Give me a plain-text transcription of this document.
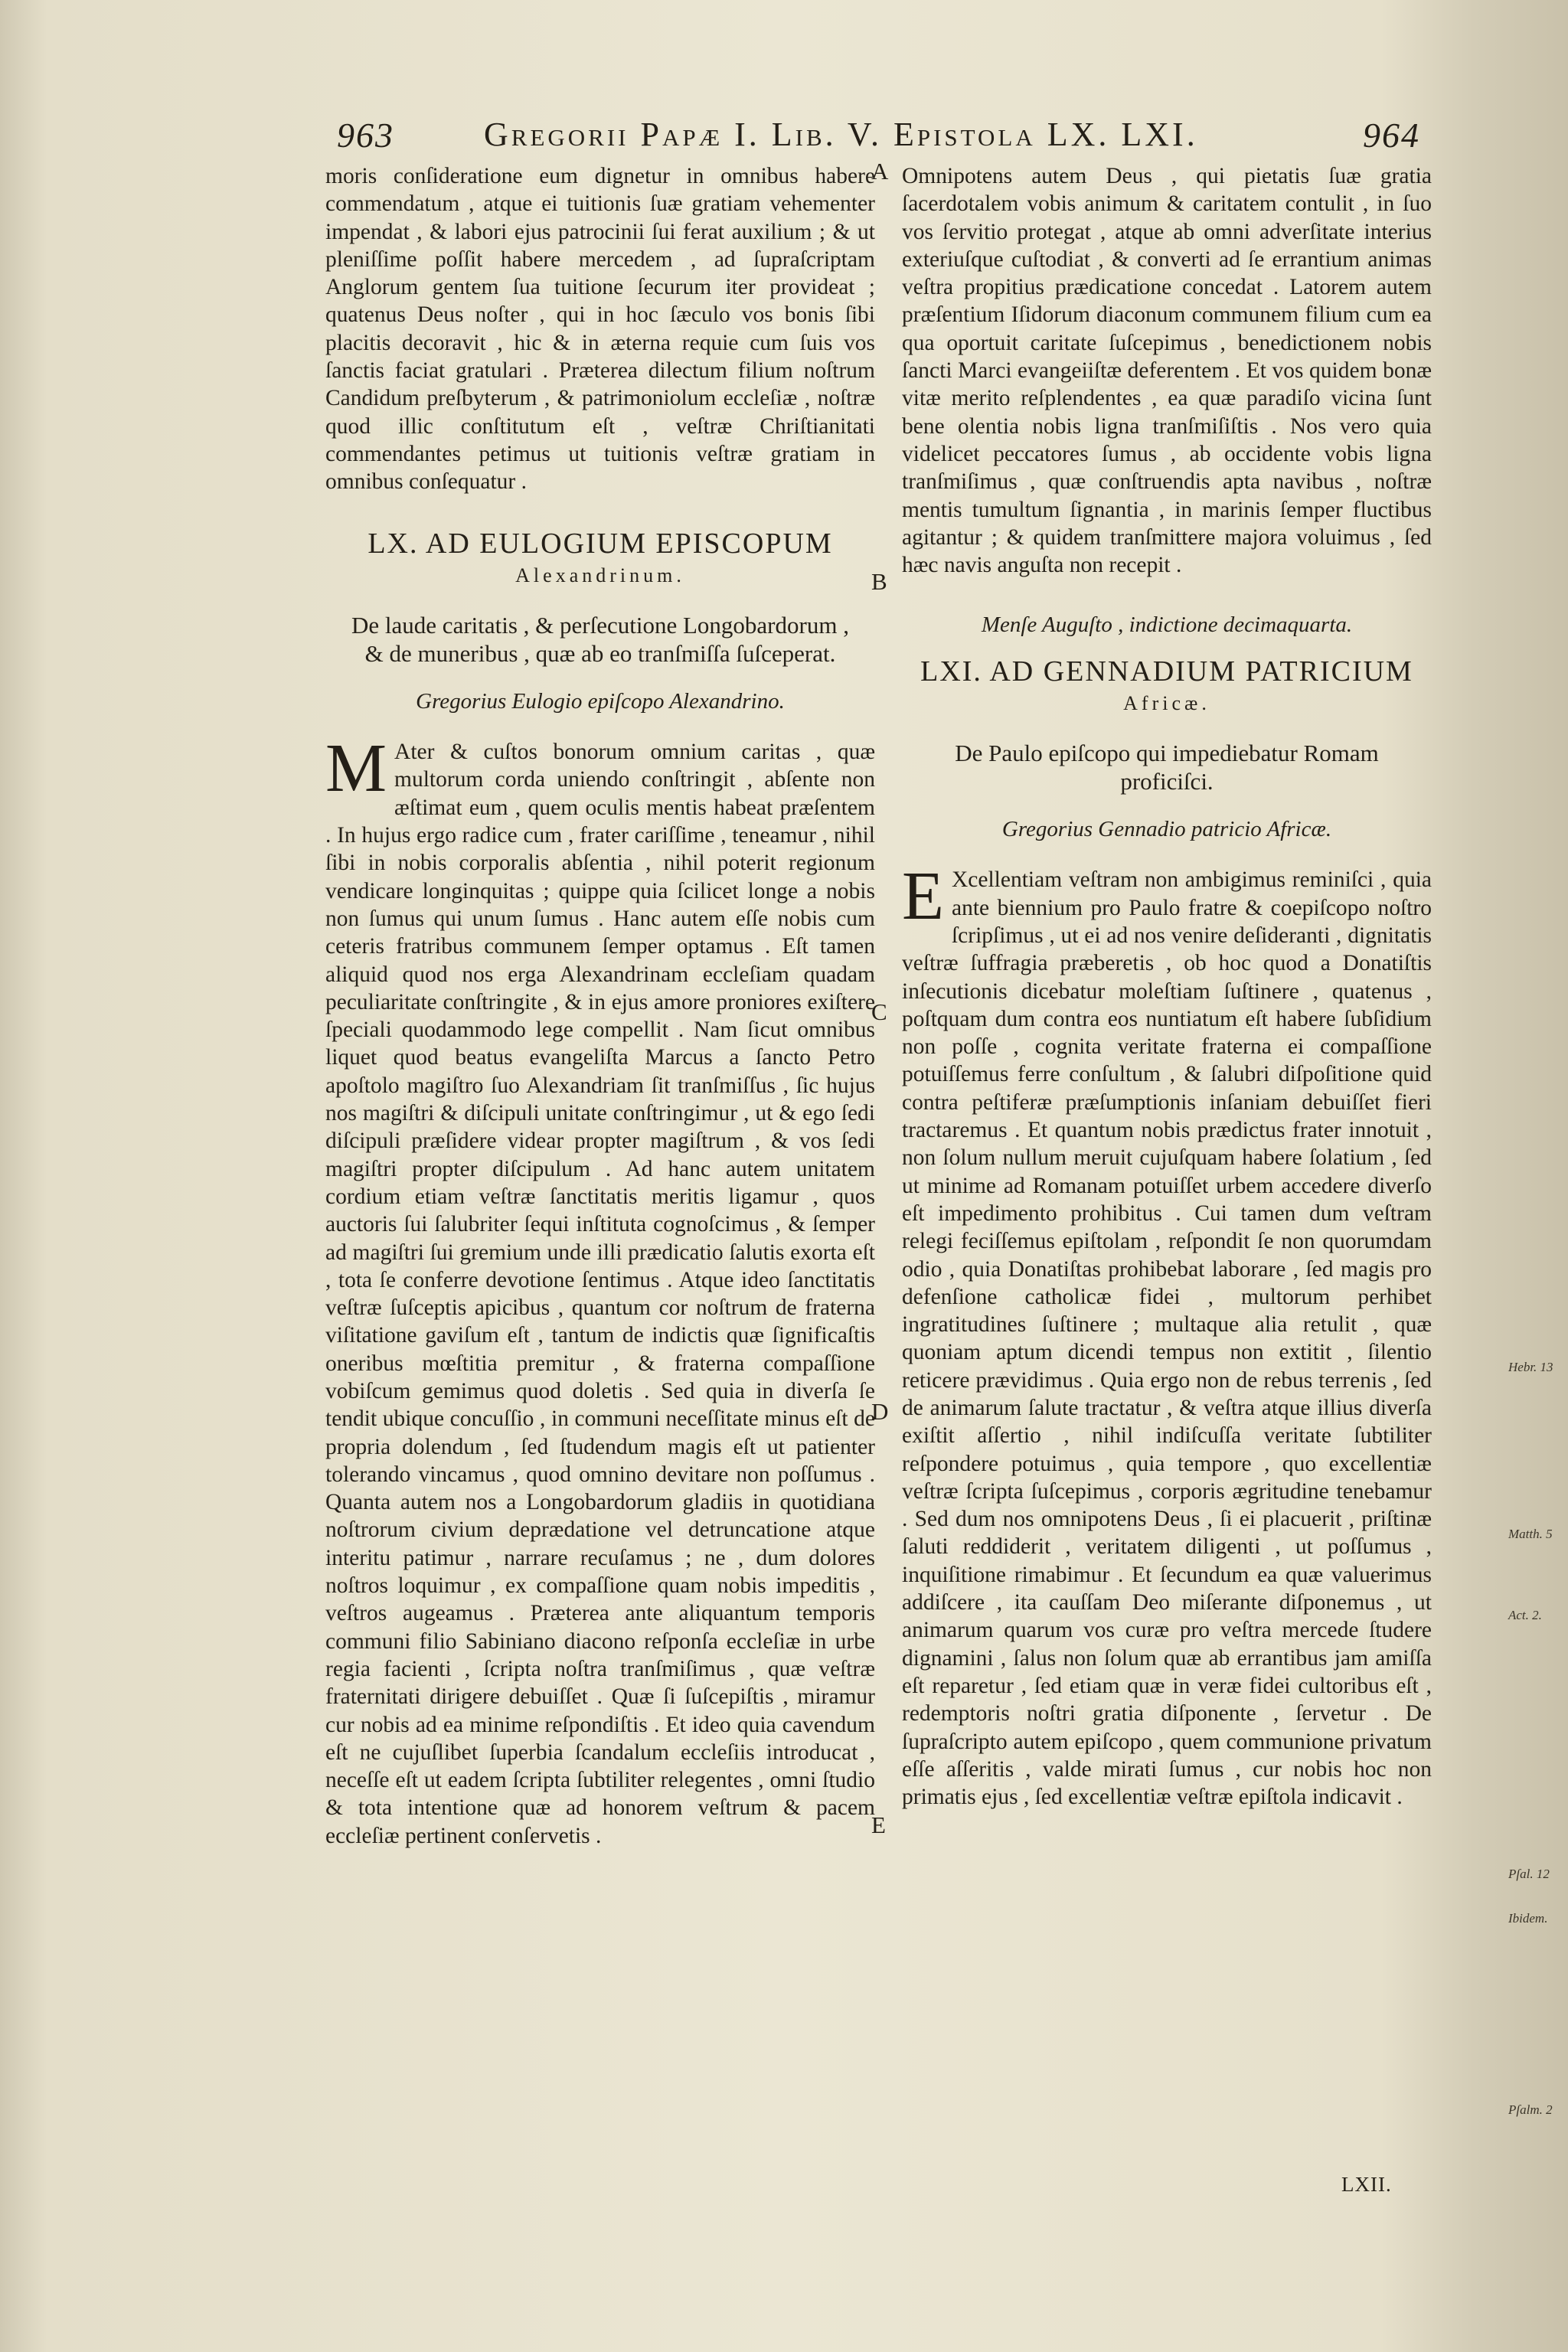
963	Gregorii Papæ I. Lib. V. Epistola LX. LXI.	964

moris conſideratione eum dignetur in omnibus habere commendatum , atque ei tuitionis ſuæ gratiam vehementer impendat , & labori ejus patrocinii ſui ferat auxilium ; & ut pleniſſime poſſit habere mercedem , ad ſupraſcriptam Anglorum gentem ſua tuitione ſecurum iter provideat ; quatenus Deus noſter , qui in hoc ſæculo vos bonis ſibi placitis decoravit , hic & in æterna requie cum ſuis vos ſanctis faciat gratulari . Præterea dilectum filium noſtrum Candidum preſbyterum , & patrimoniolum eccleſiæ , noſtræ quod illic conſtitutum eſt , veſtræ Chriſtianitati commendantes petimus ut tuitionis veſtræ gratiam in omnibus conſequatur .

LX. AD EULOGIUM EPISCOPUM
Alexandrinum.
De laude caritatis , & perſecutione Longobardorum , & de muneribus , quæ ab eo tranſmiſſa ſuſceperat.
Gregorius Eulogio epiſcopo Alexandrino.

M Ater & cuſtos bonorum omnium caritas , quæ multorum corda uniendo conſtringit , abſente non æſtimat eum , quem oculis mentis habeat præſentem . In hujus ergo radice cum , frater cariſſime , teneamur , nihil ſibi in nobis corporalis abſentia , nihil poterit regionum vendicare longinquitas ; quippe quia ſcilicet longe a nobis non ſumus qui unum ſumus . Hanc autem eſſe nobis cum ceteris fratribus communem ſemper optamus . Eſt tamen aliquid quod nos erga Alexandrinam eccleſiam quadam peculiaritate conſtringite , & in ejus amore proniores exiſtere ſpeciali quodammodo lege compellit . Nam ſicut omnibus liquet quod beatus evangeliſta Marcus a ſancto Petro apoſtolo magiſtro ſuo Alexandriam ſit tranſmiſſus , ſic hujus nos magiſtri & diſcipuli unitate conſtringimur , ut & ego ſedi diſcipuli præſidere videar propter magiſtrum , & vos ſedi magiſtri propter diſcipulum . Ad hanc autem unitatem cordium etiam veſtræ ſanctitatis meritis ligamur , quos auctoris ſui ſalubriter ſequi inſtituta cognoſcimus , & ſemper ad magiſtri ſui gremium unde illi prædicatio ſalutis exorta eſt , tota ſe conferre devotione ſentimus . Atque ideo ſanctitatis veſtræ ſuſceptis apicibus , quantum cor noſtrum de fraterna viſitatione gaviſum eſt , tantum de indictis quæ ſignificaſtis oneribus mœſtitia premitur , & fraterna compaſſione vobiſcum gemimus quod doletis . Sed quia in diverſa ſe tendit ubique concuſſio , in communi neceſſitate minus eſt de propria dolendum , ſed ſtudendum magis eſt ut patienter tolerando vincamus , quod omnino devitare non poſſumus . Quanta autem nos a Longobardorum gladiis in quotidiana noſtrorum civium deprædatione vel detruncatione atque interitu patimur , narrare recuſamus ; ne , dum dolores noſtros loquimur , ex compaſſione quam nobis impeditis , veſtros augeamus . Præterea ante aliquantum temporis communi filio Sabiniano diacono reſponſa eccleſiæ in urbe regia facienti , ſcripta noſtra tranſmiſimus , quæ veſtræ fraternitati dirigere debuiſſet . Quæ ſi ſuſcepiſtis , miramur cur nobis ad ea minime reſpondiſtis . Et ideo quia cavendum eſt ne cujuſlibet ſuperbia ſcandalum eccleſiis introducat , neceſſe eſt ut eadem ſcripta ſubtiliter relegentes , omni ſtudio & tota intentione quæ ad honorem veſtrum & pacem eccleſiæ pertinent conſervetis .

Omnipotens autem Deus , qui pietatis ſuæ gratia ſacerdotalem vobis animum & caritatem contulit , in ſuo vos ſervitio protegat , atque ab omni adverſitate interius exteriuſque cuſtodiat , & converti ad ſe errantium animas veſtra propitius prædicatione concedat . Latorem autem præſentium Iſidorum diaconum communem filium cum ea qua oportuit caritate ſuſcepimus , benedictionem nobis ſancti Marci evangeiiſtæ deferentem . Et vos quidem bonæ vitæ merito reſplendentes , ea quæ paradiſo vicina ſunt bene olentia nobis ligna tranſmiſiſtis . Nos vero quia videlicet peccatores ſumus , ab occidente vobis ligna tranſmiſimus , quæ conſtruendis apta navibus , noſtræ mentis tumultum ſignantia , in marinis ſemper fluctibus agitantur ; & quidem tranſmittere majora voluimus , ſed hæc navis anguſta non recepit .

Menſe Auguſto , indictione decimaquarta.
LXI. AD GENNADIUM PATRICIUM
Africæ.
De Paulo epiſcopo qui impediebatur Romam proficiſci.
Gregorius Gennadio patricio Africæ.

E Xcellentiam veſtram non ambigimus reminiſci , quia ante biennium pro Paulo fratre & coepiſcopo noſtro ſcripſimus , ut ei ad nos venire deſideranti , dignitatis veſtræ ſuffragia præberetis , ob hoc quod a Donatiſtis inſecutionis dicebatur moleſtiam ſuſtinere , quatenus , poſtquam dum contra eos nuntiatum eſt habere ſubſidium non poſſe , cognita veritate fraterna ei compaſſione potuiſſemus ferre conſultum , & ſalubri diſpoſitione quid contra peſtiferæ præſumptionis inſaniam debuiſſet fieri tractaremus . Et quantum nobis prædictus frater innotuit , non ſolum nullum meruit cujuſquam habere ſolatium , ſed ut minime ad Romanam potuiſſet urbem accedere diverſo eſt impedimento prohibitus . Cui tamen dum veſtram relegi feciſſemus epiſtolam , reſpondit ſe non quorumdam odio , quia Donatiſtas prohibebat laborare , ſed magis pro defenſione catholicæ fidei , multorum perhibet ingratitudines ſuſtinere ; multaque alia retulit , quæ quoniam aptum dicendi tempus non extitit , ſilentio reticere prævidimus . Quia ergo non de rebus terrenis , ſed de animarum ſalute tractatur , & veſtra atque illius diverſa exiſtit aſſertio , nihil indiſcuſſa veritate ſubtiliter reſpondere potuimus , quia tempore , quo excellentiæ veſtræ ſcripta ſuſcepimus , corporis ægritudine tenebamur . Sed dum nos omnipotens Deus , ſi ei placuerit , priſtinæ ſaluti reddiderit , veritatem diligenti , ut poſſumus , inquiſitione rimabimur . Et ſecundum ea quæ valuerimus addiſcere , ita cauſſam Deo miſerante diſponemus , ut animarum quarum vos curæ pro veſtra mercede ſtudere dignamini , ſalus non ſolum quæ ab errantibus jam amiſſa eſt reparetur , ſed etiam quæ in veræ fidei cultoribus eſt , redemptoris noſtri gratia diſponente , ſervetur . De ſupraſcripto autem epiſcopo , quem communione privatum eſſe aſſeritis , valde mirati ſumus , cur nobis hoc non primatis ejus , ſed excellentiæ veſtræ epiſtola indicavit .

A
B
C
D
E
Hebr. 13
Matth. 5
Act. 2.
Pſal. 12
Ibidem.
Pſalm. 2
LXII.
